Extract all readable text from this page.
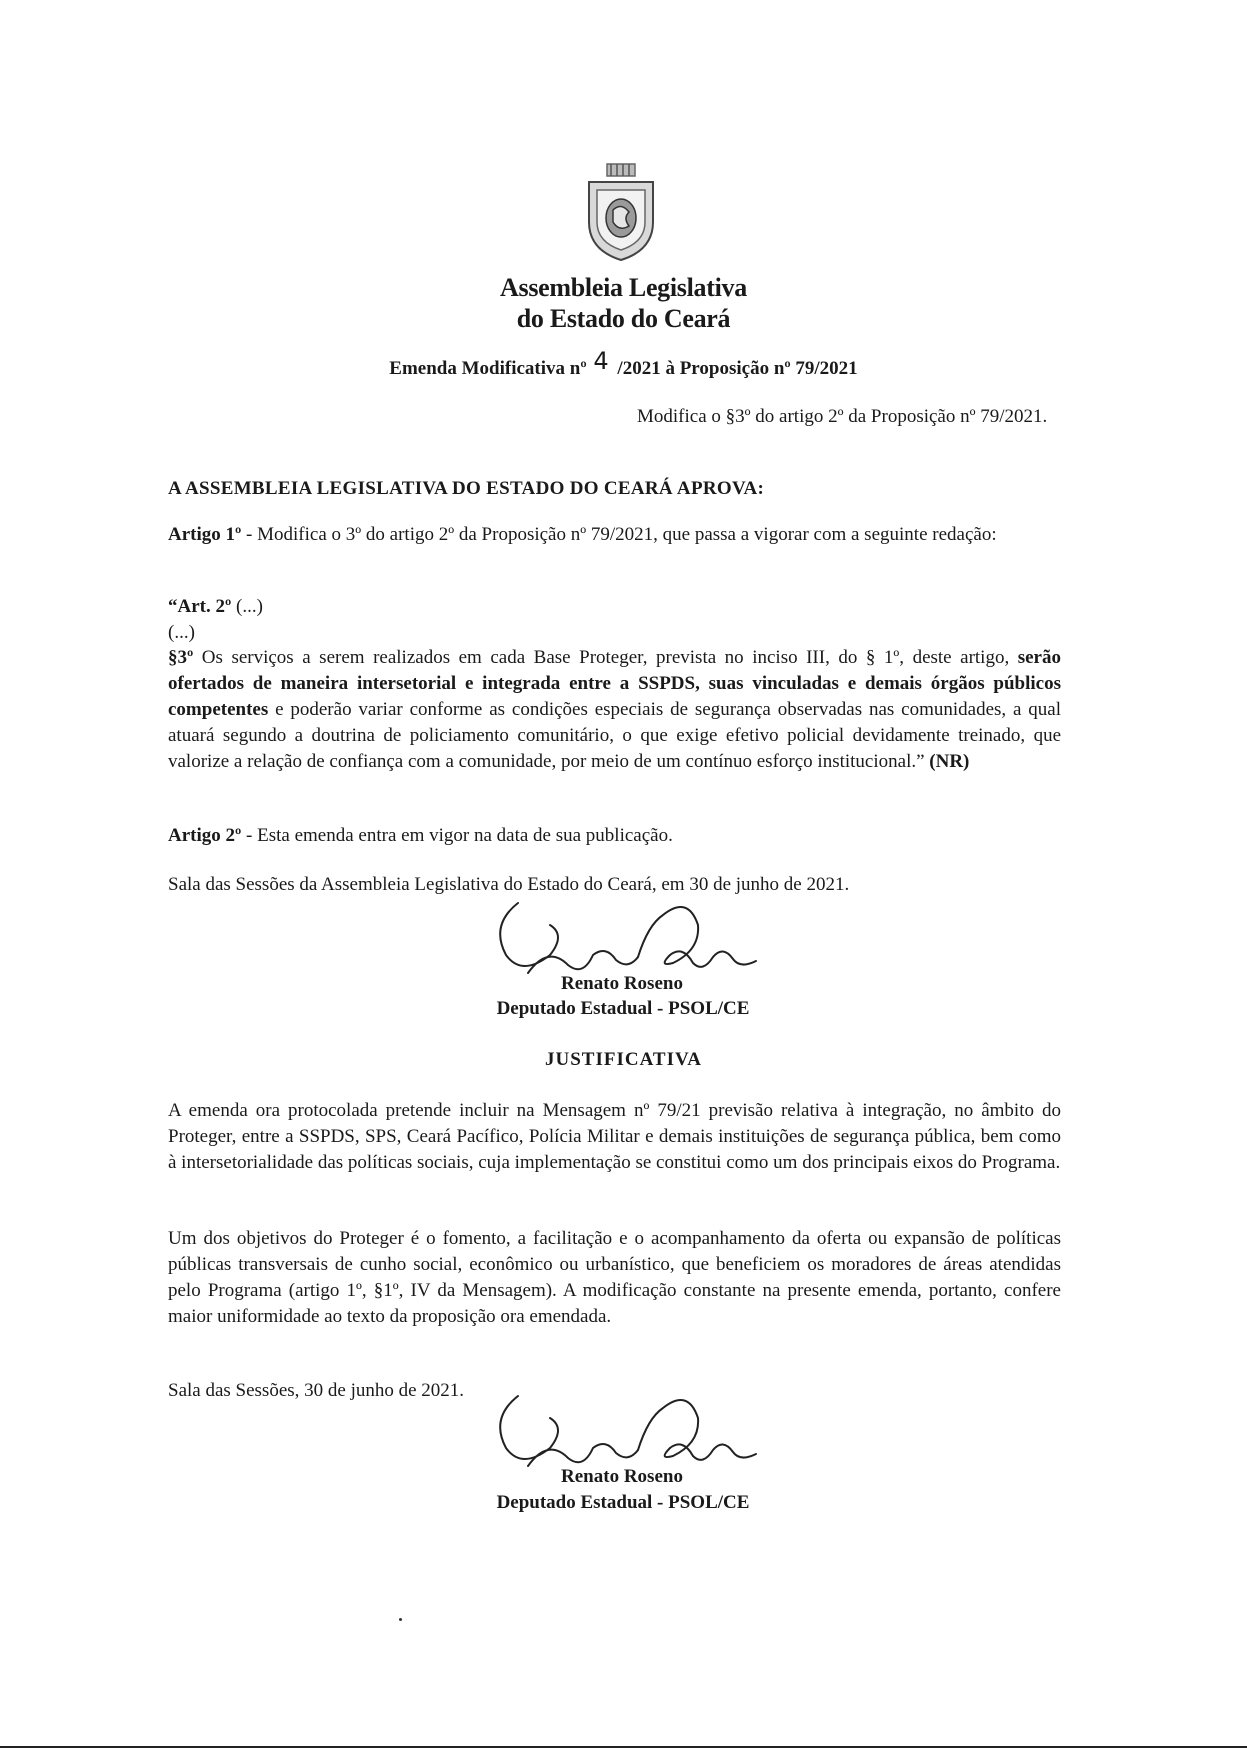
Assembleia Legislativa
do Estado do Ceará
Emenda Modificativa nº 4 /2021 à Proposição nº 79/2021
Modifica o §3º do artigo 2º da Proposição nº 79/2021.
A ASSEMBLEIA LEGISLATIVA DO ESTADO DO CEARÁ APROVA:
Artigo 1º - Modifica o 3º do artigo 2º da Proposição nº 79/2021, que passa a vigorar com a seguinte redação:
“Art. 2º (...)
(...)
§3º Os serviços a serem realizados em cada Base Proteger, prevista no inciso III, do § 1º, deste artigo, serão ofertados de maneira intersetorial e integrada entre a SSPDS, suas vinculadas e demais órgãos públicos competentes e poderão variar conforme as condições especiais de segurança observadas nas comunidades, a qual atuará segundo a doutrina de policiamento comunitário, o que exige efetivo policial devidamente treinado, que valorize a relação de confiança com a comunidade, por meio de um contínuo esforço institucional.” (NR)
Artigo 2º - Esta emenda entra em vigor na data de sua publicação.
Sala das Sessões da Assembleia Legislativa do Estado do Ceará, em 30 de junho de 2021.
Renato Roseno
Deputado Estadual - PSOL/CE
JUSTIFICATIVA
A emenda ora protocolada pretende incluir na Mensagem nº 79/21 previsão relativa à integração, no âmbito do Proteger, entre a SSPDS, SPS, Ceará Pacífico, Polícia Militar e demais instituições de segurança pública, bem como à intersetorialidade das políticas sociais, cuja implementação se constitui como um dos principais eixos do Programa.
Um dos objetivos do Proteger é o fomento, a facilitação e o acompanhamento da oferta ou expansão de políticas públicas transversais de cunho social, econômico ou urbanístico, que beneficiem os moradores de áreas atendidas pelo Programa (artigo 1º, §1º, IV da Mensagem). A modificação constante na presente emenda, portanto, confere maior uniformidade ao texto da proposição ora emendada.
Sala das Sessões, 30 de junho de 2021.
Renato Roseno
Deputado Estadual - PSOL/CE
